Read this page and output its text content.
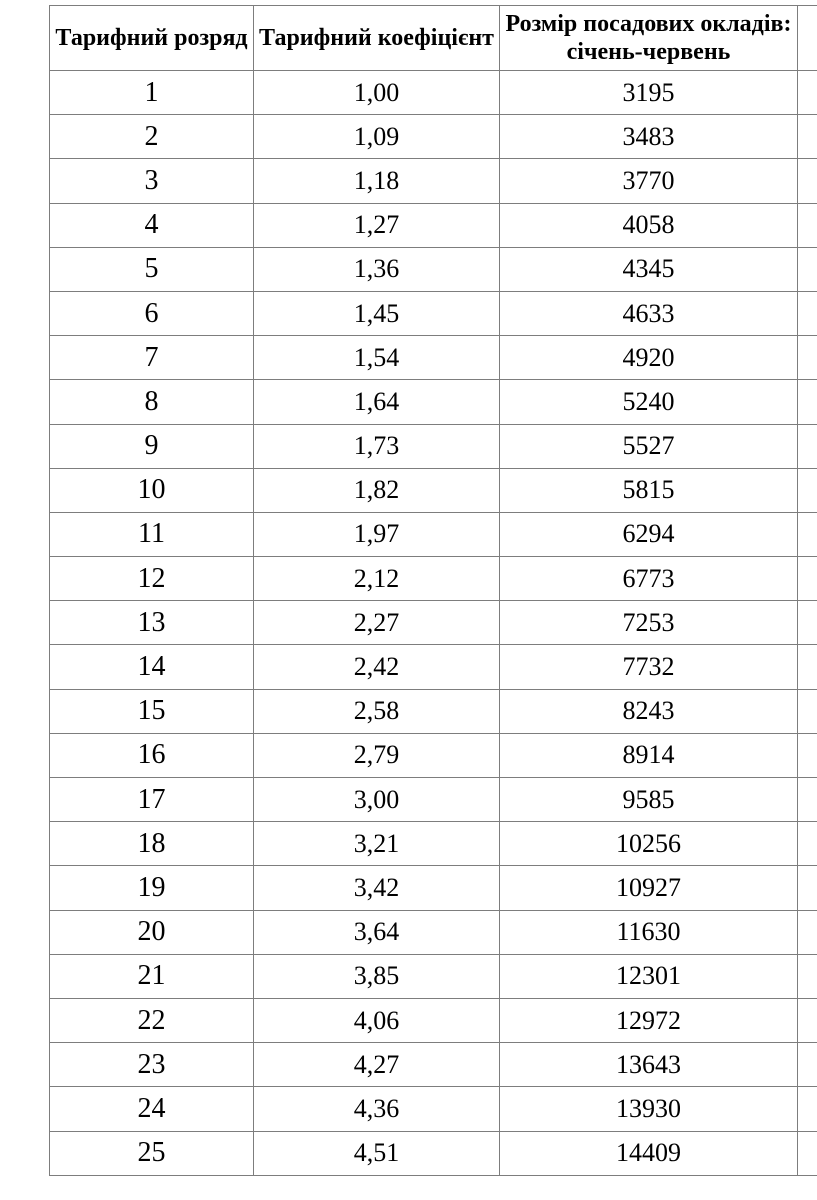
Тарифний розряд	Тарифний коефіцієнт	Розмір посадових окладів:
січень-червень	
1	1,00	3195	
2	1,09	3483	
3	1,18	3770	
4	1,27	4058	
5	1,36	4345	
6	1,45	4633	
7	1,54	4920	
8	1,64	5240	
9	1,73	5527	
10	1,82	5815	
11	1,97	6294	
12	2,12	6773	
13	2,27	7253	
14	2,42	7732	
15	2,58	8243	
16	2,79	8914	
17	3,00	9585	
18	3,21	10256	
19	3,42	10927	
20	3,64	11630	
21	3,85	12301	
22	4,06	12972	
23	4,27	13643	
24	4,36	13930	
25	4,51	14409	
